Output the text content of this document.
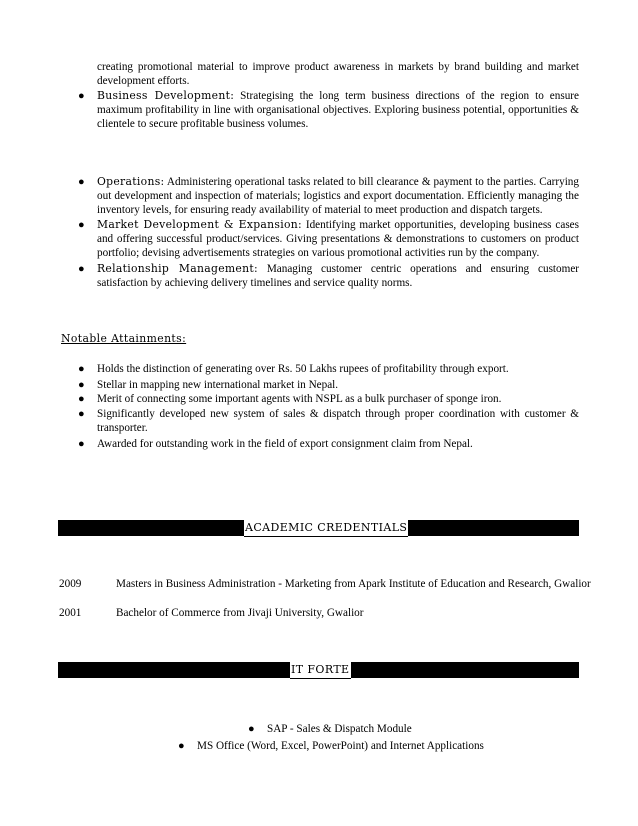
creating promotional material to improve product awareness in markets by brand building and market development efforts.
● Business Development: Strategising the long term business directions of the region to ensure maximum profitability in line with organisational objectives. Exploring business potential, opportunities & clientele to secure profitable business volumes.
● Operations: Administering operational tasks related to bill clearance & payment to the parties. Carrying out development and inspection of materials; logistics and export documentation. Efficiently managing the inventory levels, for ensuring ready availability of material to meet production and dispatch targets.
● Market Development & Expansion: Identifying market opportunities, developing business cases and offering successful product/services. Giving presentations & demonstrations to customers on product portfolio; devising advertisements strategies on various promotional activities run by the company.
● Relationship Management: Managing customer centric operations and ensuring customer satisfaction by achieving delivery timelines and service quality norms.
Notable Attainments:
● Holds the distinction of generating over Rs. 50 Lakhs rupees of profitability through export.
● Stellar in mapping new international market in Nepal.
● Merit of connecting some important agents with NSPL as a bulk purchaser of sponge iron.
● Significantly developed new system of sales & dispatch through proper coordination with customer & transporter.
● Awarded for outstanding work in the field of export consignment claim from Nepal.
ACADEMIC CREDENTIALS
2009	Masters in Business Administration - Marketing from Apark Institute of Education and Research, Gwalior
2001	Bachelor of Commerce from Jivaji University, Gwalior
IT FORTE
● SAP - Sales & Dispatch Module
● MS Office (Word, Excel, PowerPoint) and Internet Applications
